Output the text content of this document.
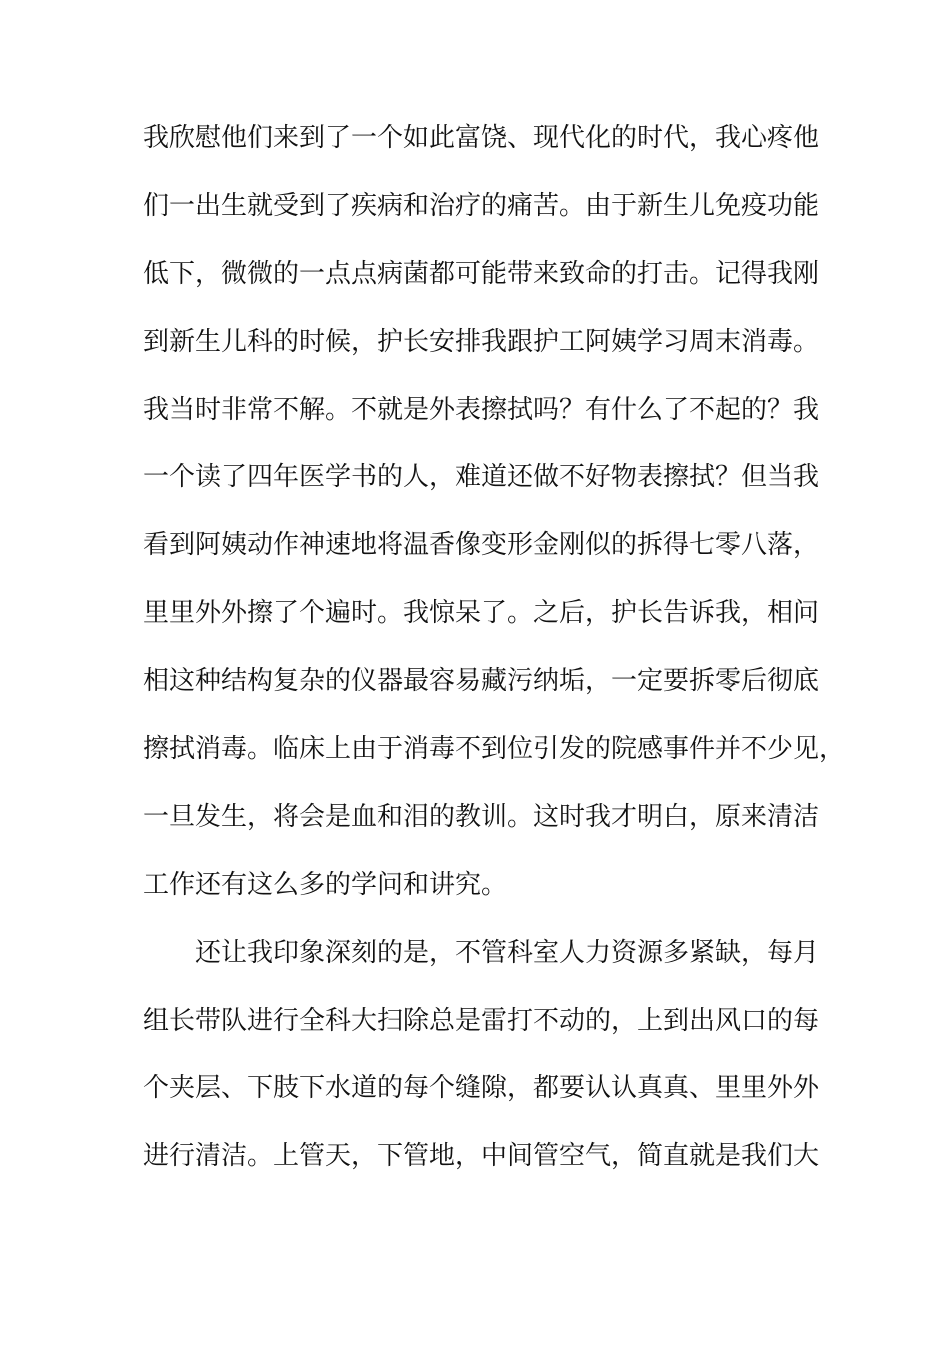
我欣慰他们来到了一个如此富饶、现代化的时代，我心疼他
们一出生就受到了疾病和治疗的痛苦。由于新生儿免疫功能
低下，微微的一点点病菌都可能带来致命的打击。记得我刚
到新生儿科的时候，护长安排我跟护工阿姨学习周末消毒。
我当时非常不解。不就是外表擦拭吗？有什么了不起的？我
一个读了四年医学书的人，难道还做不好物表擦拭？但当我
看到阿姨动作神速地将温香像变形金刚似的拆得七零八落，
里里外外擦了个遍时。我惊呆了。之后，护长告诉我，相问
相这种结构复杂的仪器最容易藏污纳垢，一定要拆零后彻底
擦拭消毒。临床上由于消毒不到位引发的院感事件并不少见，
一旦发生，将会是血和泪的教训。这时我才明白，原来清洁
工作还有这么多的学问和讲究。
还让我印象深刻的是，不管科室人力资源多紧缺，每月
组长带队进行全科大扫除总是雷打不动的，上到出风口的每
个夹层、下肢下水道的每个缝隙，都要认认真真、里里外外
进行清洁。上管天，下管地，中间管空气，简直就是我们大
